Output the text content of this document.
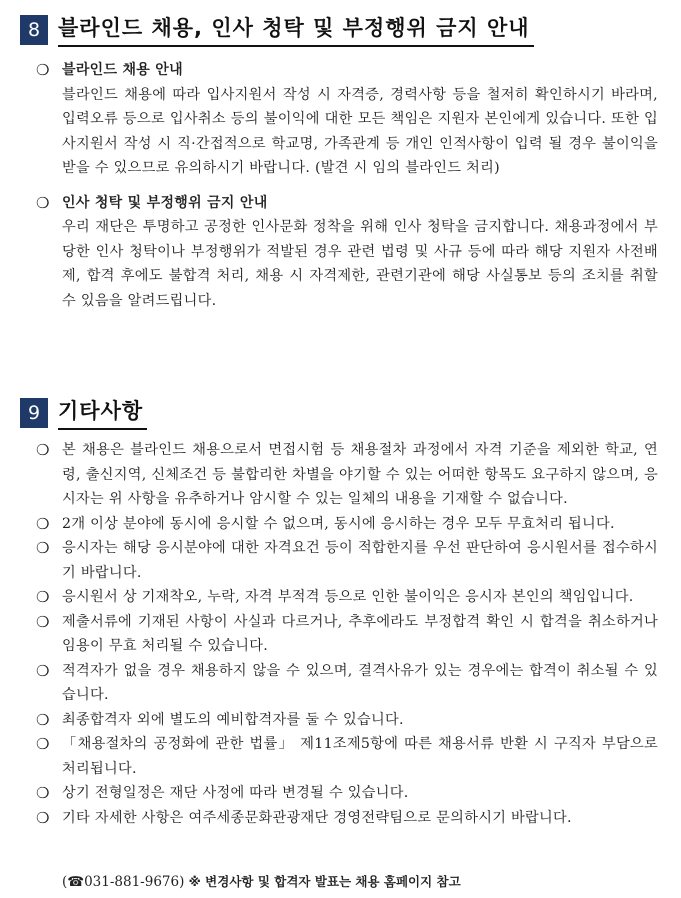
8 블라인드 채용, 인사 청탁 및 부정행위 금지 안내
❍ 블라인드 채용 안내
블라인드 채용에 따라 입사지원서 작성 시 자격증, 경력사항 등을 철저히 확인하시기 바라며, 입력오류 등으로 입사취소 등의 불이익에 대한 모든 책임은 지원자 본인에게 있습니다. 또한 입사지원서 작성 시 직·간접적으로 학교명, 가족관계 등 개인 인적사항이 입력 될 경우 불이익을 받을 수 있으므로 유의하시기 바랍니다. (발견 시 임의 블라인드 처리)
❍ 인사 청탁 및 부정행위 금지 안내
우리 재단은 투명하고 공정한 인사문화 정착을 위해 인사 청탁을 금지합니다. 채용과정에서 부당한 인사 청탁이나 부정행위가 적발된 경우 관련 법령 및 사규 등에 따라 해당 지원자 사전배제, 합격 후에도 불합격 처리, 채용 시 자격제한, 관련기관에 해당 사실통보 등의 조치를 취할 수 있음을 알려드립니다.
9 기타사항
❍ 본 채용은 블라인드 채용으로서 면접시험 등 채용절차 과정에서 자격 기준을 제외한 학교, 연령, 출신지역, 신체조건 등 불합리한 차별을 야기할 수 있는 어떠한 항목도 요구하지 않으며, 응시자는 위 사항을 유추하거나 암시할 수 있는 일체의 내용을 기재할 수 없습니다.
❍ 2개 이상 분야에 동시에 응시할 수 없으며, 동시에 응시하는 경우 모두 무효처리 됩니다.
❍ 응시자는 해당 응시분야에 대한 자격요건 등이 적합한지를 우선 판단하여 응시원서를 접수하시기 바랍니다.
❍ 응시원서 상 기재착오, 누락, 자격 부적격 등으로 인한 불이익은 응시자 본인의 책임입니다.
❍ 제출서류에 기재된 사항이 사실과 다르거나, 추후에라도 부정합격 확인 시 합격을 취소하거나 임용이 무효 처리될 수 있습니다.
❍ 적격자가 없을 경우 채용하지 않을 수 있으며, 결격사유가 있는 경우에는 합격이 취소될 수 있습니다.
❍ 최종합격자 외에 별도의 예비합격자를 둘 수 있습니다.
❍ 「채용절차의 공정화에 관한 법률」 제11조제5항에 따른 채용서류 반환 시 구직자 부담으로 처리됩니다.
❍ 상기 전형일정은 재단 사정에 따라 변경될 수 있습니다.
❍ 기타 자세한 사항은 여주세종문화관광재단 경영전략팀으로 문의하시기 바랍니다.
(☎031-881-9676) ※ 변경사항 및 합격자 발표는 채용 홈페이지 참고
